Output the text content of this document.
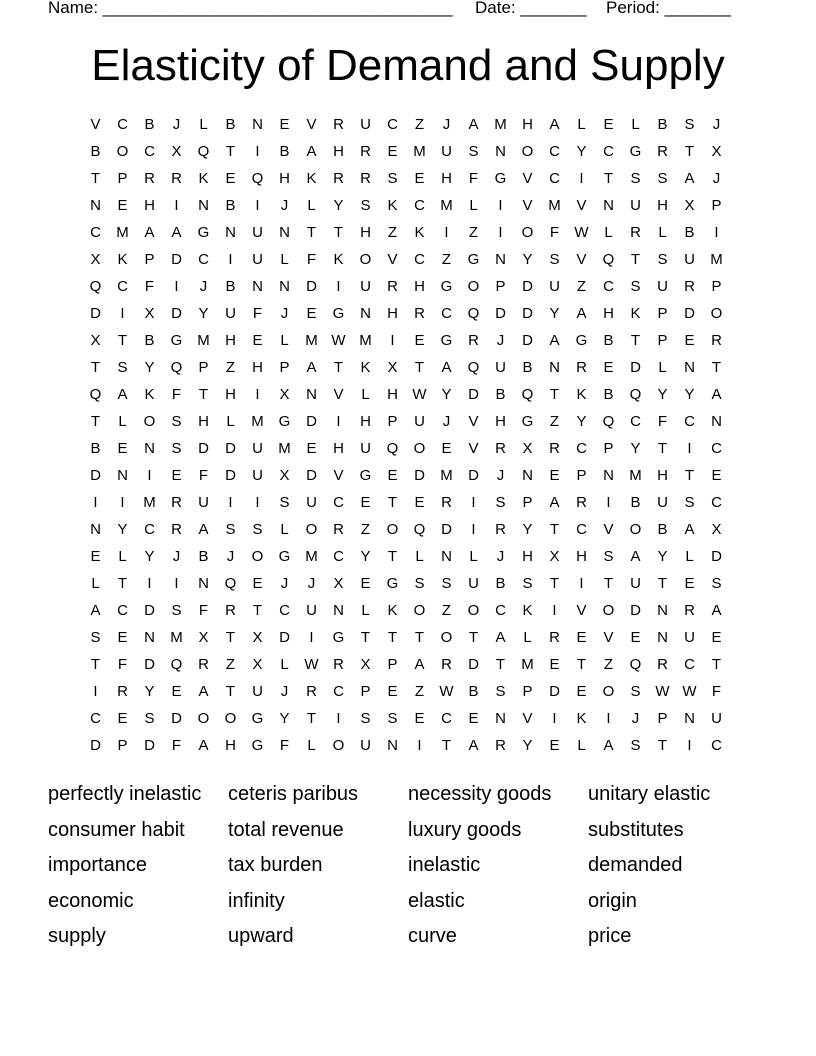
Name: _____________________________________ Date: _______ Period: _______
Elasticity of Demand and Supply
V	C	B	J	L	B	N	E	V	R	U	C	Z	J	A	M	H	A	L	E	L	B	S	J
B	O	C	X	Q	T	I	B	A	H	R	E	M	U	S	N	O	C	Y	C	G	R	T	X
T	P	R	R	K	E	Q	H	K	R	R	S	E	H	F	G	V	C	I	T	S	S	A	J
N	E	H	I	N	B	I	J	L	Y	S	K	C	M	L	I	V	M	V	N	U	H	X	P
C	M	A	A	G	N	U	N	T	T	H	Z	K	I	Z	I	O	F	W	L	R	L	B	I
X	K	P	D	C	I	U	L	F	K	O	V	C	Z	G	N	Y	S	V	Q	T	S	U	M
Q	C	F	I	J	B	N	N	D	I	U	R	H	G	O	P	D	U	Z	C	S	U	R	P
D	I	X	D	Y	U	F	J	E	G	N	H	R	C	Q	D	D	Y	A	H	K	P	D	O
X	T	B	G M	H	E	L	M W M	I	E	G	R	J	D	A	G	B	T	P	E	R
T	S	Y	Q	P	Z	H	P	A	T	K	X	T	A	Q	U	B	N	R	E	D	L	N	T
Q	A	K	F	T	H	I	X	N	V	L	H W Y	D	B	Q	T	K	B	Q	Y	Y	A
T	L	O	S	H	L	M G	D	I	H	P	U	J	V	H	G	Z	Y	Q	C	F	C	N
B	E	N	S	D	D	U	M	E	H	U	Q	O	E	V	R	X	R	C	P	Y	T	I	C
D	N	I	E	F	D	U	X	D	V	G	E	D	M	D	J	N	E	P	N	M	H	T	E
I	I	M	R	U	I	I	S	U	C	E	T	E	R	I	S	P	A	R	I	B	U	S	C
N	Y	C	R	A	S	S	L	O	R	Z	O	Q	D	I	R	Y	T	C	V	O	B	A	X
E	L	Y	J	B	J	O	G M	C	Y	T	L	N	L	J	H	X	H	S	A	Y	L	D
L	T	I	I	N	Q	E	J	J	X	E	G	S	S	U	B	S	T	I	T	U	T	E	S
A	C	D	S	F	R	T	C	U	N	L	K	O	Z	O	C	K	I	V	O	D	N	R	A
S	E	N	M	X	T	X	D	I	G	T	T	T	O	T	A	L	R	E	V	E	N	U	E
T	F	D	Q	R	Z	X	L	W R	X	P	A	R	D	T	M	E	T	Z	Q	R	C	T
I	R	Y	E	A	T	U	J	R	C	P	E	Z	W B	S	P	D	E	O	S W W	F
C	E	S	D	O	O	G	Y	T	I	S	S	E	C	E	N	V	I	K	I	J	P	N	U
D	P	D	F	A	H	G	F	L	O	U	N	I	T	A	R	Y	E	L	A	S	T	I	C
perfectly inelastic	ceteris paribus	necessity goods	unitary elastic
consumer habit	total revenue	luxury goods	substitutes
importance	tax burden	inelastic	demanded
economic	infinity	elastic	origin
supply	upward	curve	price
